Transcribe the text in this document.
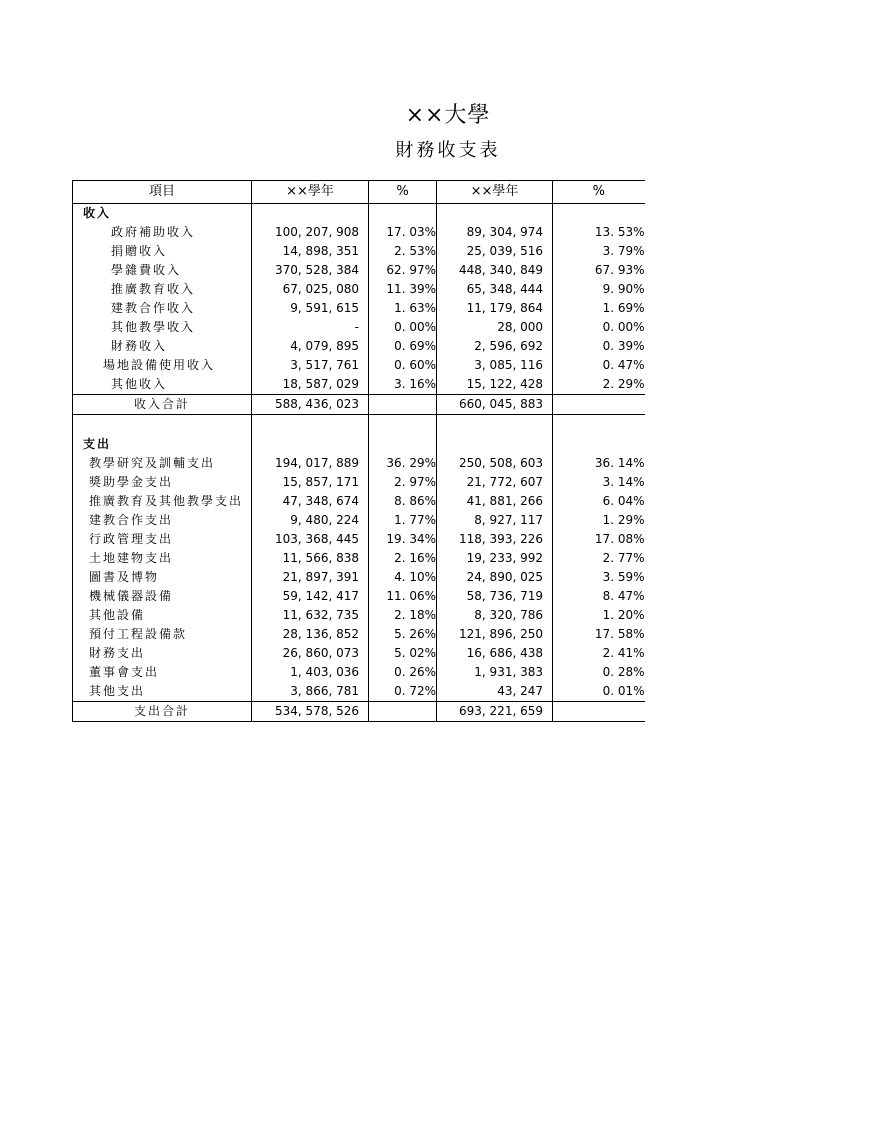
××大學
財務收支表
項目	××學年	%	××學年	%
收入				
政府補助收入	100, 207, 908	17. 03%	89, 304, 974	13. 53%
捐贈收入	14, 898, 351	2. 53%	25, 039, 516	3. 79%
學雜費收入	370, 528, 384	62. 97%	448, 340, 849	67. 93%
推廣教育收入	67, 025, 080	11. 39%	65, 348, 444	9. 90%
建教合作收入	9, 591, 615	1. 63%	11, 179, 864	1. 69%
其他教學收入	-	0. 00%	28, 000	0. 00%
財務收入	4, 079, 895	0. 69%	2, 596, 692	0. 39%
場地設備使用收入	3, 517, 761	0. 60%	3, 085, 116	0. 47%
其他收入	18, 587, 029	3. 16%	15, 122, 428	2. 29%
收入合計	588, 436, 023		660, 045, 883	

支出				
教學研究及訓輔支出	194, 017, 889	36. 29%	250, 508, 603	36. 14%
獎助學金支出	15, 857, 171	2. 97%	21, 772, 607	3. 14%
推廣教育及其他教學支出	47, 348, 674	8. 86%	41, 881, 266	6. 04%
建教合作支出	9, 480, 224	1. 77%	8, 927, 117	1. 29%
行政管理支出	103, 368, 445	19. 34%	118, 393, 226	17. 08%
土地建物支出	11, 566, 838	2. 16%	19, 233, 992	2. 77%
圖書及博物	21, 897, 391	4. 10%	24, 890, 025	3. 59%
機械儀器設備	59, 142, 417	11. 06%	58, 736, 719	8. 47%
其他設備	11, 632, 735	2. 18%	8, 320, 786	1. 20%
預付工程設備款	28, 136, 852	5. 26%	121, 896, 250	17. 58%
財務支出	26, 860, 073	5. 02%	16, 686, 438	2. 41%
董事會支出	1, 403, 036	0. 26%	1, 931, 383	0. 28%
其他支出	3, 866, 781	0. 72%	43, 247	0. 01%
支出合計	534, 578, 526		693, 221, 659	
